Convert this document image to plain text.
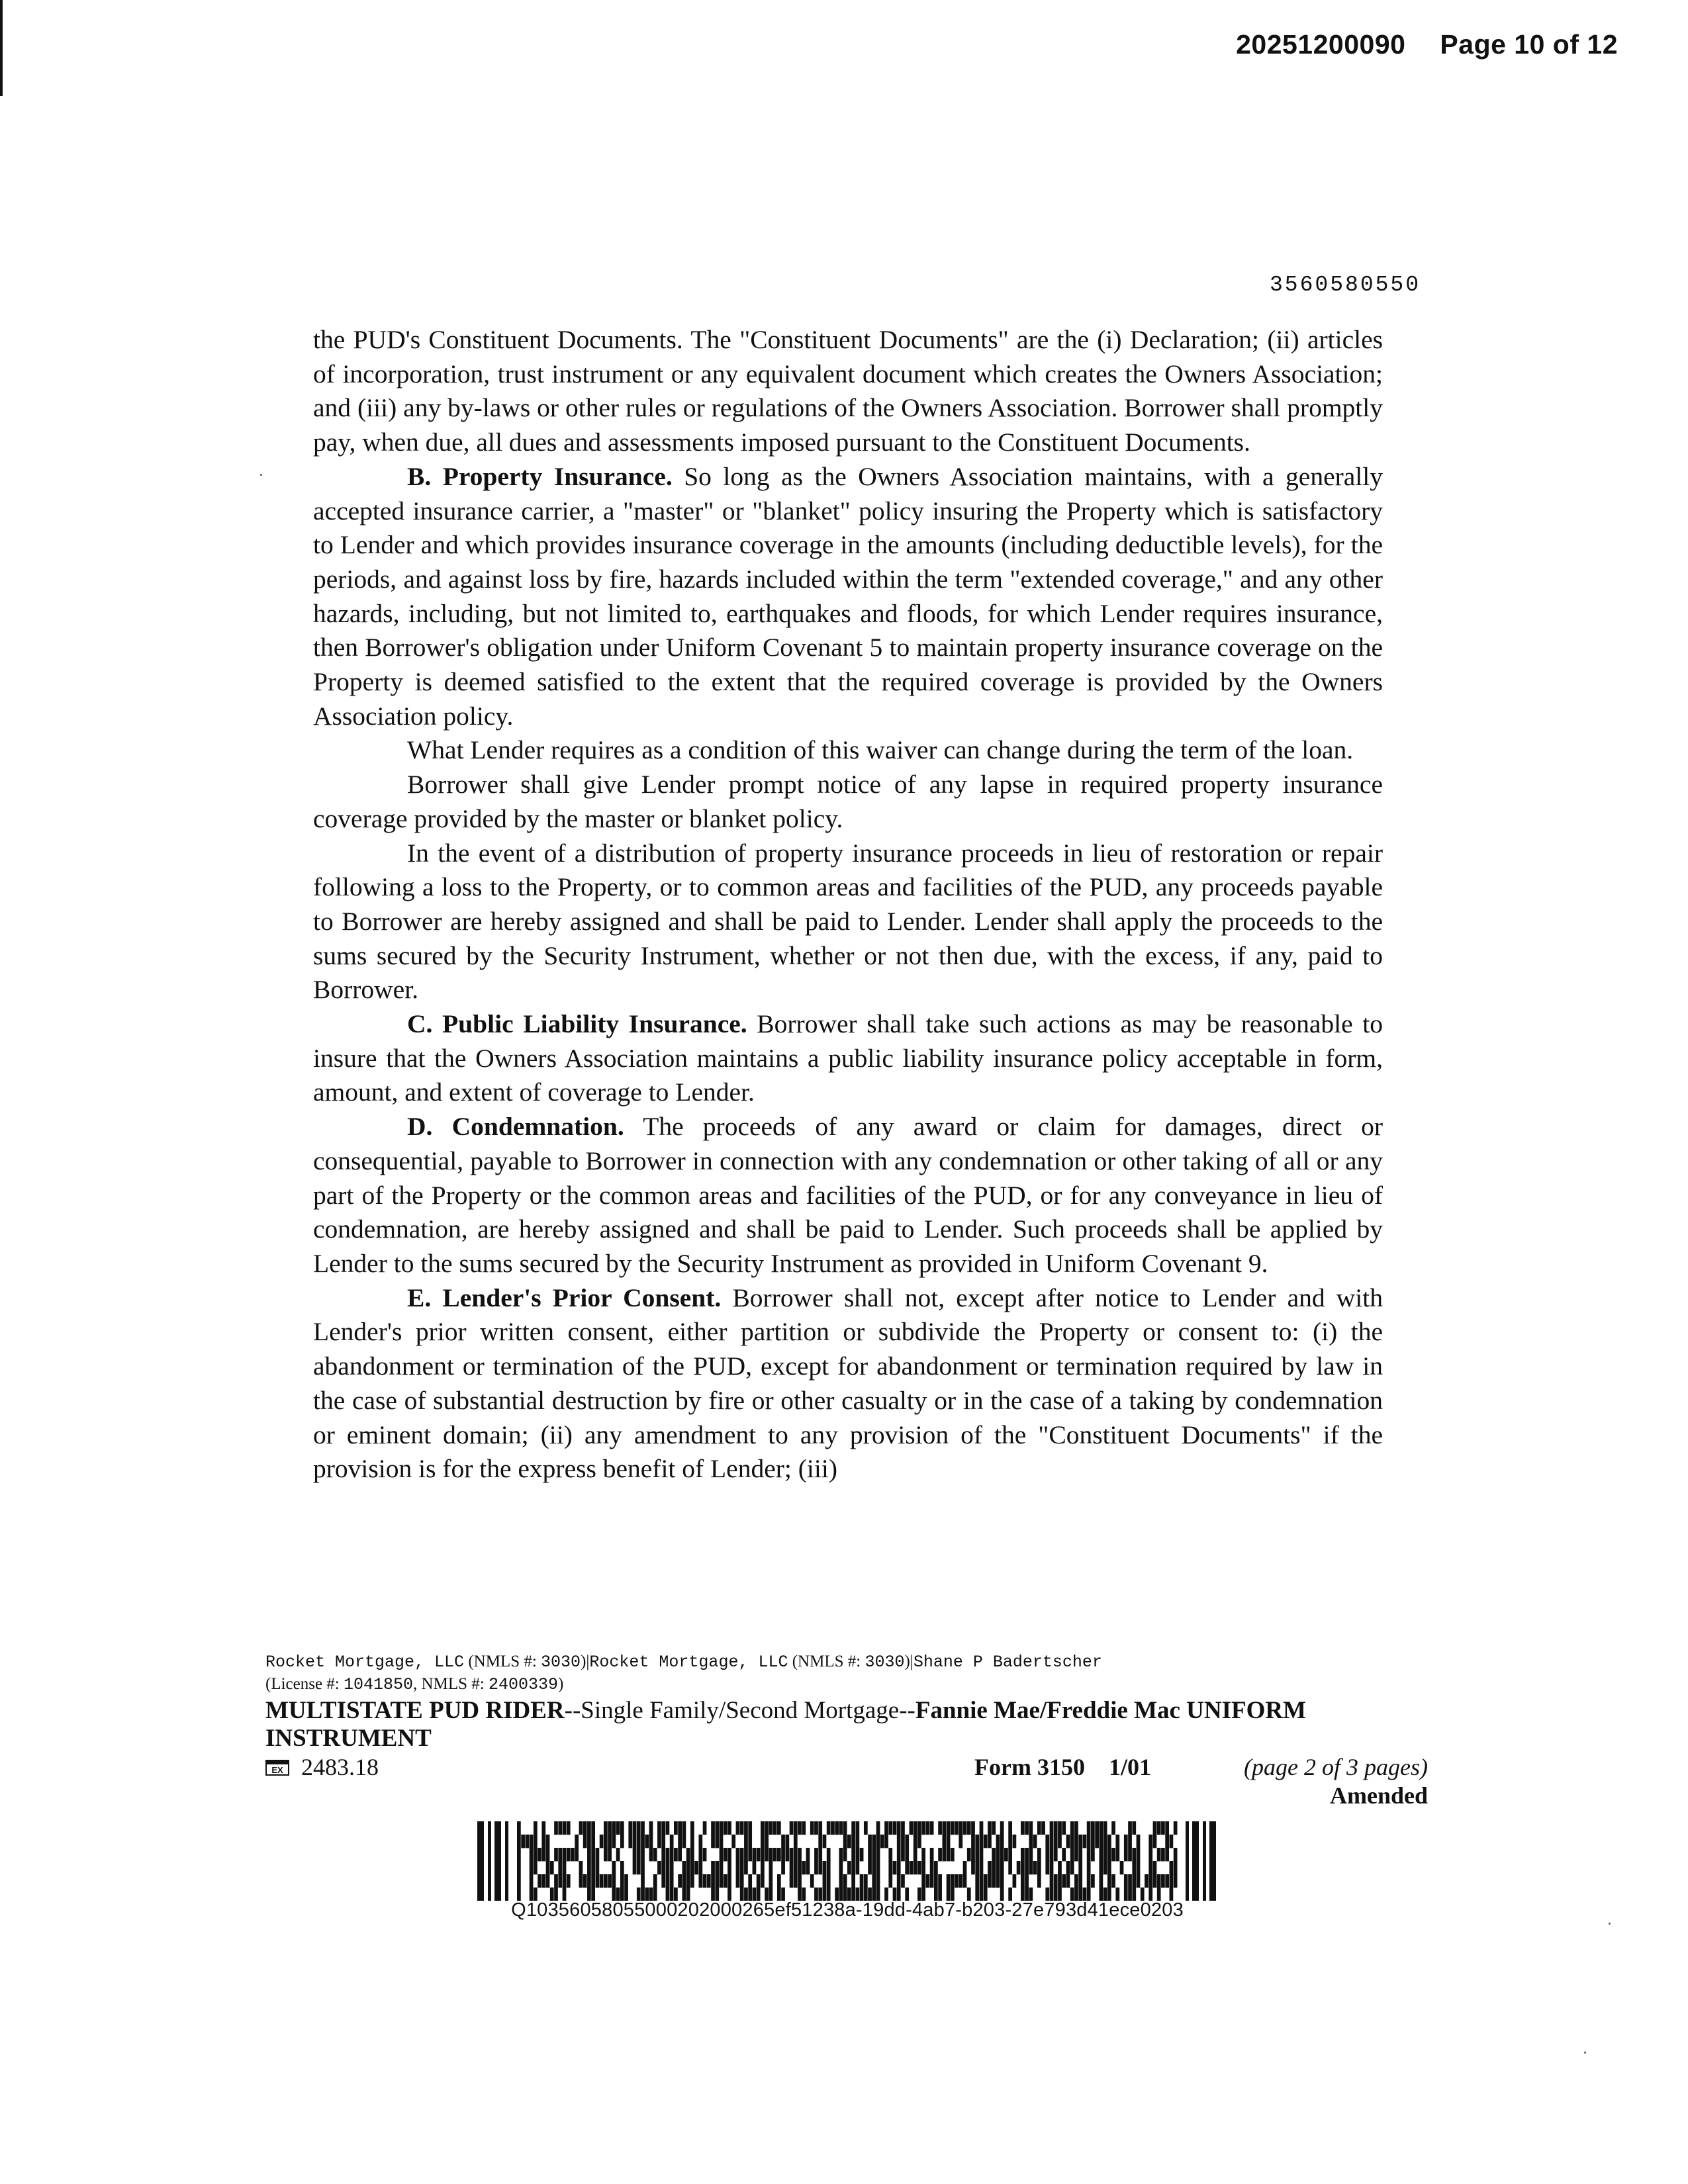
20251200090 Page 10 of 12
3560580550

the PUD's Constituent Documents. The "Constituent Documents" are the (i) Declaration; (ii) articles of incorporation, trust instrument or any equivalent document which creates the Owners Association; and (iii) any by-laws or other rules or regulations of the Owners Association. Borrower shall promptly pay, when due, all dues and assessments imposed pursuant to the Constituent Documents.

B. Property Insurance. So long as the Owners Association maintains, with a generally accepted insurance carrier, a "master" or "blanket" policy insuring the Property which is satisfactory to Lender and which provides insurance coverage in the amounts (including deductible levels), for the periods, and against loss by fire, hazards included within the term "extended coverage," and any other hazards, including, but not limited to, earthquakes and floods, for which Lender requires insurance, then Borrower's obligation under Uniform Covenant 5 to maintain property insurance coverage on the Property is deemed satisfied to the extent that the required coverage is provided by the Owners Association policy.

What Lender requires as a condition of this waiver can change during the term of the loan.

Borrower shall give Lender prompt notice of any lapse in required property insurance coverage provided by the master or blanket policy.

In the event of a distribution of property insurance proceeds in lieu of restoration or repair following a loss to the Property, or to common areas and facilities of the PUD, any proceeds payable to Borrower are hereby assigned and shall be paid to Lender. Lender shall apply the proceeds to the sums secured by the Security Instrument, whether or not then due, with the excess, if any, paid to Borrower.

C. Public Liability Insurance. Borrower shall take such actions as may be reasonable to insure that the Owners Association maintains a public liability insurance policy acceptable in form, amount, and extent of coverage to Lender.

D. Condemnation. The proceeds of any award or claim for damages, direct or consequential, payable to Borrower in connection with any condemnation or other taking of all or any part of the Property or the common areas and facilities of the PUD, or for any conveyance in lieu of condemnation, are hereby assigned and shall be paid to Lender. Such proceeds shall be applied by Lender to the sums secured by the Security Instrument as provided in Uniform Covenant 9.

E. Lender's Prior Consent. Borrower shall not, except after notice to Lender and with Lender's prior written consent, either partition or subdivide the Property or consent to: (i) the abandonment or termination of the PUD, except for abandonment or termination required by law in the case of substantial destruction by fire or other casualty or in the case of a taking by condemnation or eminent domain; (ii) any amendment to any provision of the "Constituent Documents" if the provision is for the express benefit of Lender; (iii)

Rocket Mortgage, LLC (NMLS #: 3030)|Rocket Mortgage, LLC (NMLS #: 3030)|Shane P Badertscher
(License #: 1041850, NMLS #: 2400339)
MULTISTATE PUD RIDER--Single Family/Second Mortgage--Fannie Mae/Freddie Mac UNIFORM INSTRUMENT
EX 2483.18	Form 3150    1/01	(page 2 of 3 pages)
Amended
Q10356058055000202000265ef51238a-19dd-4ab7-b203-27e793d41ece0203
